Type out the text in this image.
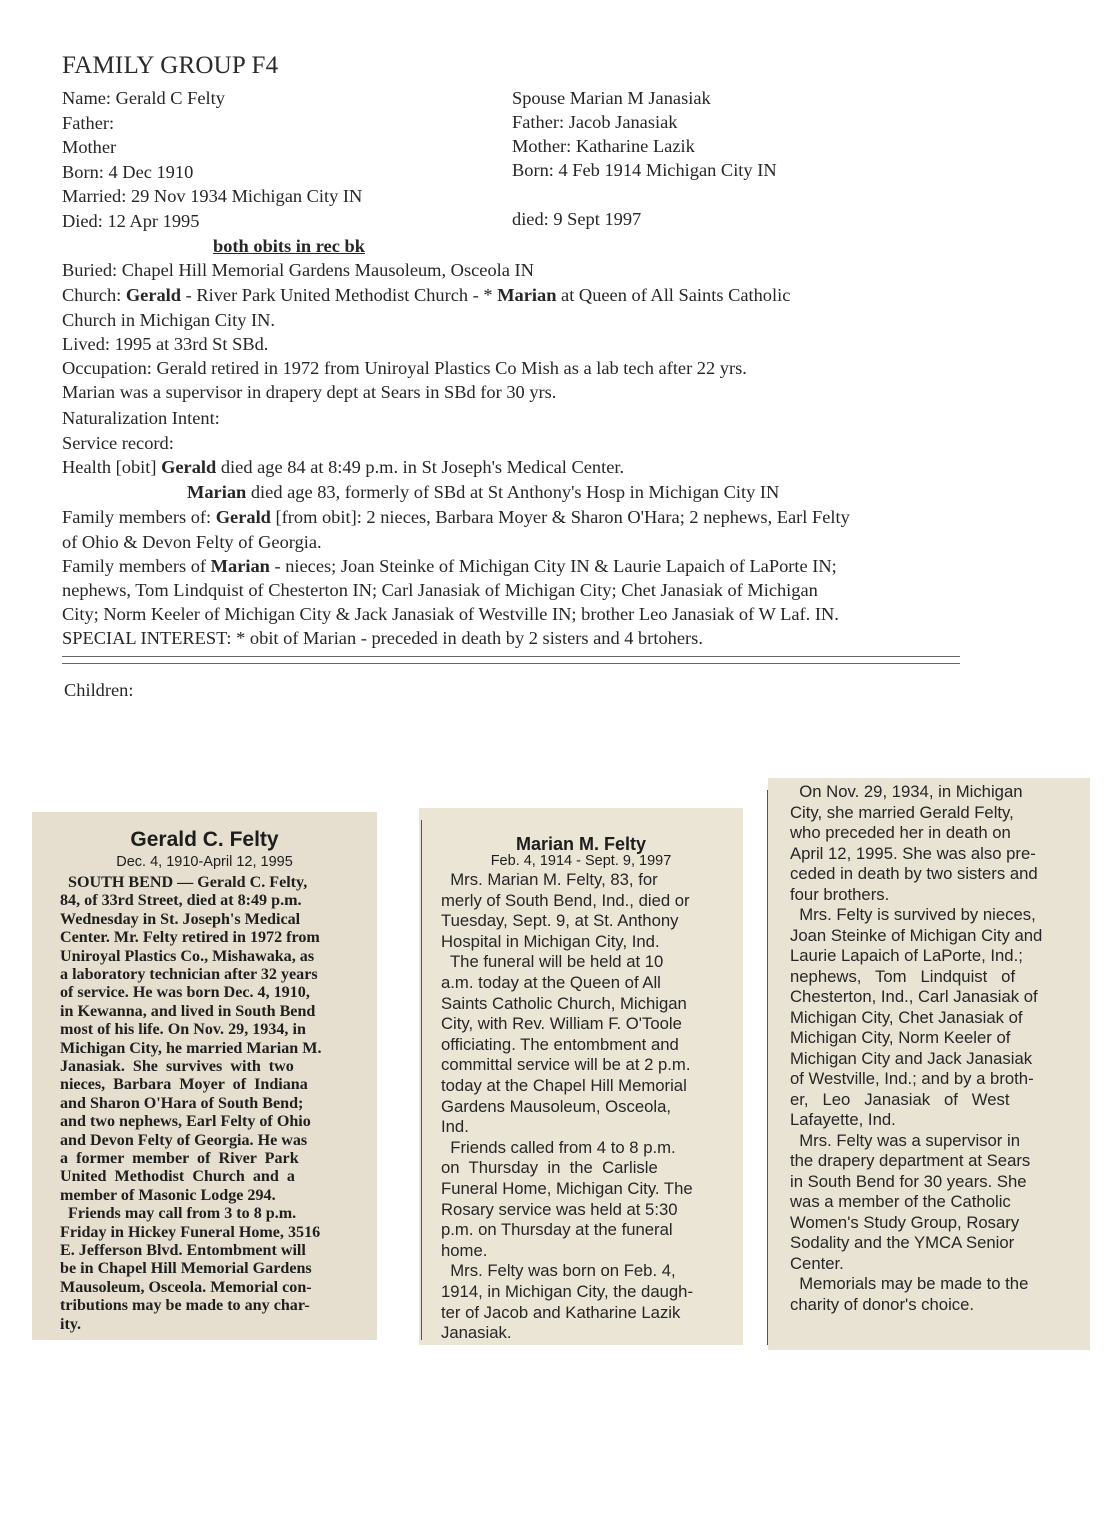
FAMILY GROUP F4
Name: Gerald C Felty
Father:
Mother
Born: 4 Dec 1910
Married: 29 Nov 1934 Michigan City IN
Died: 12 Apr 1995
Spouse Marian M Janasiak
Father: Jacob Janasiak
Mother: Katharine Lazik
Born: 4 Feb 1914 Michigan City IN
died: 9 Sept 1997
both obits in rec bk
Buried: Chapel Hill Memorial Gardens Mausoleum, Osceola IN
Church: Gerald - River Park United Methodist Church - * Marian at Queen of All Saints Catholic
Church in Michigan City IN.
Lived: 1995 at 33rd St SBd.
Occupation: Gerald retired in 1972 from Uniroyal Plastics Co Mish as a lab tech after 22 yrs.
Marian was a supervisor in drapery dept at Sears in SBd for 30 yrs.
Naturalization Intent:
Service record:
Health [obit] Gerald died age 84 at 8:49 p.m. in St Joseph's Medical Center.
Marian died age 83, formerly of SBd at St Anthony's Hosp in Michigan City IN
Family members of: Gerald [from obit]: 2 nieces, Barbara Moyer & Sharon O'Hara; 2 nephews, Earl Felty
of Ohio & Devon Felty of Georgia.
Family members of Marian - nieces; Joan Steinke of Michigan City IN & Laurie Lapaich of LaPorte IN;
nephews, Tom Lindquist of Chesterton IN; Carl Janasiak of Michigan City; Chet Janasiak of Michigan
City; Norm Keeler of Michigan City & Jack Janasiak of Westville IN; brother Leo Janasiak of W Laf. IN.
SPECIAL INTEREST: * obit of Marian - preceded in death by 2 sisters and 4 brtohers.
Children:
Gerald C. Felty
Dec. 4, 1910-April 12, 1995
SOUTH BEND — Gerald C. Felty,
84, of 33rd Street, died at 8:49 p.m.
Wednesday in St. Joseph's Medical
Center. Mr. Felty retired in 1972 from
Uniroyal Plastics Co., Mishawaka, as
a laboratory technician after 32 years
of service. He was born Dec. 4, 1910,
in Kewanna, and lived in South Bend
most of his life. On Nov. 29, 1934, in
Michigan City, he married Marian M.
Janasiak.  She  survives  with  two
nieces,  Barbara  Moyer  of  Indiana
and Sharon O'Hara of South Bend;
and two nephews, Earl Felty of Ohio
and Devon Felty of Georgia. He was
a  former  member  of  River  Park
United  Methodist  Church  and  a
member of Masonic Lodge 294.
Friends may call from 3 to 8 p.m.
Friday in Hickey Funeral Home, 3516
E. Jefferson Blvd. Entombment will
be in Chapel Hill Memorial Gardens
Mausoleum, Osceola. Memorial con-
tributions may be made to any char-
ity.
Marian M. Felty
Feb. 4, 1914 - Sept. 9, 1997
Mrs. Marian M. Felty, 83, for
merly of South Bend, Ind., died or
Tuesday, Sept. 9, at St. Anthony
Hospital in Michigan City, Ind.
The funeral will be held at 10
a.m. today at the Queen of All
Saints Catholic Church, Michigan
City, with Rev. William F. O'Toole
officiating. The entombment and
committal service will be at 2 p.m.
today at the Chapel Hill Memorial
Gardens Mausoleum, Osceola,
Ind.
Friends called from 4 to 8 p.m.
on  Thursday  in  the  Carlisle
Funeral Home, Michigan City. The
Rosary service was held at 5:30
p.m. on Thursday at the funeral
home.
Mrs. Felty was born on Feb. 4,
1914, in Michigan City, the daugh-
ter of Jacob and Katharine Lazik
Janasiak.
On Nov. 29, 1934, in Michigan
City, she married Gerald Felty,
who preceded her in death on
April 12, 1995. She was also pre-
ceded in death by two sisters and
four brothers.
Mrs. Felty is survived by nieces,
Joan Steinke of Michigan City and
Laurie Lapaich of LaPorte, Ind.;
nephews,   Tom   Lindquist   of
Chesterton, Ind., Carl Janasiak of
Michigan City, Chet Janasiak of
Michigan City, Norm Keeler of
Michigan City and Jack Janasiak
of Westville, Ind.; and by a broth-
er,   Leo   Janasiak   of   West
Lafayette, Ind.
Mrs. Felty was a supervisor in
the drapery department at Sears
in South Bend for 30 years. She
was a member of the Catholic
Women's Study Group, Rosary
Sodality and the YMCA Senior
Center.
Memorials may be made to the
charity of donor's choice.
